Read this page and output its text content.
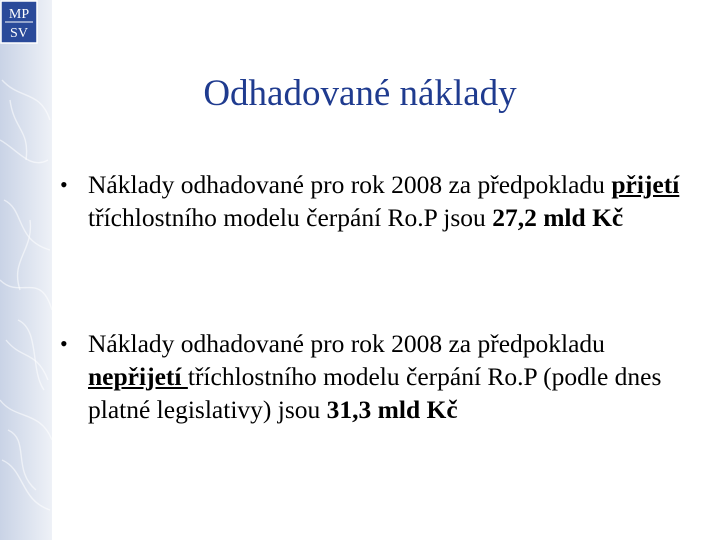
MP
SV
Odhadované náklady
• Náklady odhadované pro rok 2008 za předpokladu přijetí tříchlostního modelu čerpání Ro.P jsou 27,2 mld Kč
• Náklady odhadované pro rok 2008 za předpokladu nepřijetí tříchlostního modelu čerpání Ro.P (podle dnes platné legislativy) jsou 31,3 mld Kč
